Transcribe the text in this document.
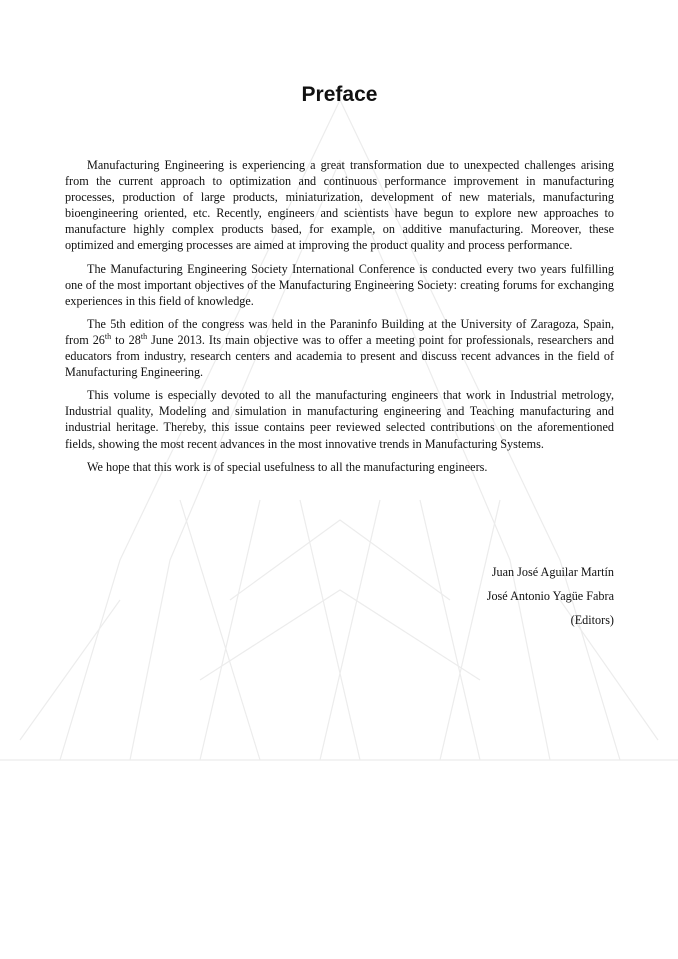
Preface

Manufacturing Engineering is experiencing a great transformation due to unexpected challenges arising from the current approach to optimization and continuous performance improvement in manufacturing processes, production of large products, miniaturization, development of new materials, manufacturing bioengineering oriented, etc. Recently, engineers and scientists have begun to explore new approaches to manufacture highly complex products based, for example, on additive manufacturing. Moreover, these optimized and emerging processes are aimed at improving the product quality and process performance.

The Manufacturing Engineering Society International Conference is conducted every two years fulfilling one of the most important objectives of the Manufacturing Engineering Society: creating forums for exchanging experiences in this field of knowledge.

The 5th edition of the congress was held in the Paraninfo Building at the University of Zaragoza, Spain, from 26th to 28th June 2013. Its main objective was to offer a meeting point for professionals, researchers and educators from industry, research centers and academia to present and discuss recent advances in the field of Manufacturing Engineering.

This volume is especially devoted to all the manufacturing engineers that work in Industrial metrology, Industrial quality, Modeling and simulation in manufacturing engineering and Teaching manufacturing and industrial heritage. Thereby, this issue contains peer reviewed selected contributions on the aforementioned fields, showing the most recent advances in the most innovative trends in Manufacturing Systems.

We hope that this work is of special usefulness to all the manufacturing engineers.

Juan José Aguilar Martín
José Antonio Yagüe Fabra
(Editors)
